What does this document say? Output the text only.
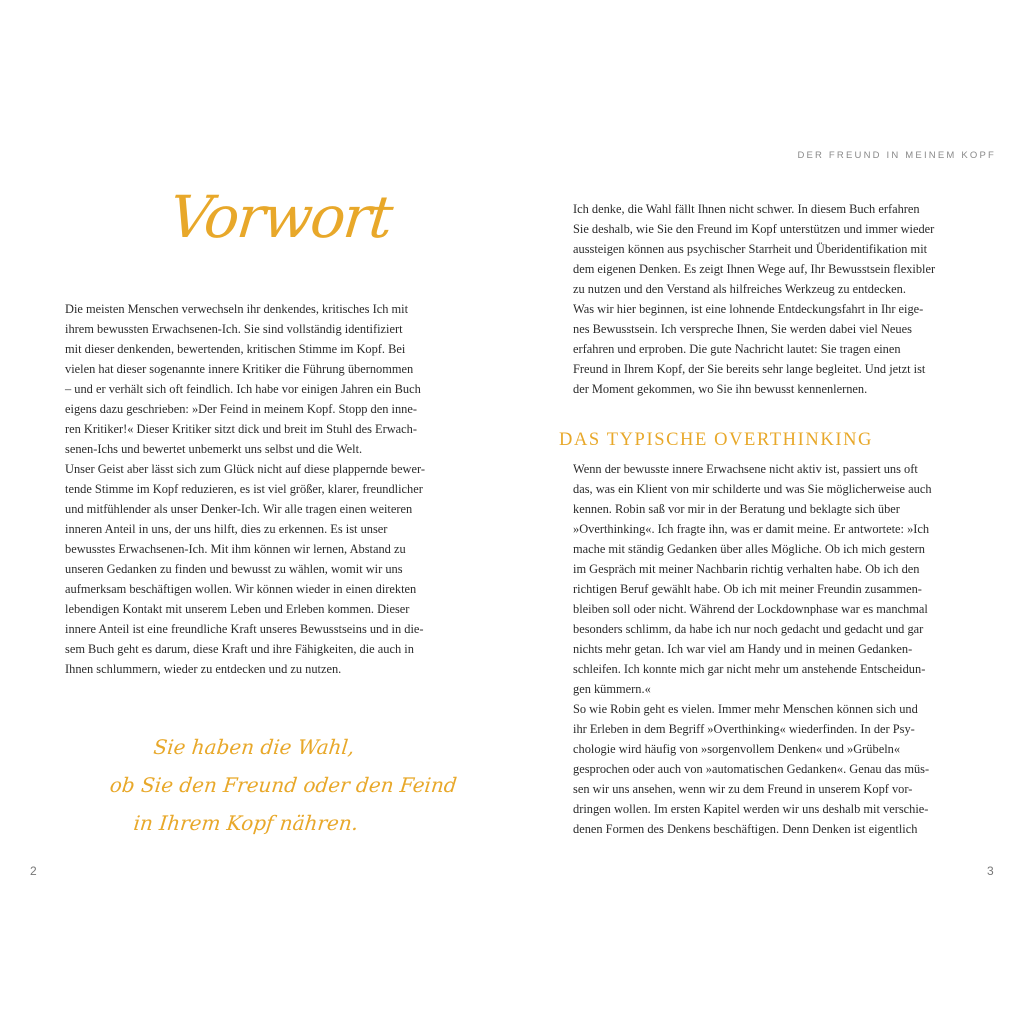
Vorwort
Die meisten Menschen verwechseln ihr denkendes, kritisches Ich mit
ihrem bewussten Erwachsenen-Ich. Sie sind vollständig identifiziert
mit dieser denkenden, bewertenden, kritischen Stimme im Kopf. Bei
vielen hat dieser sogenannte innere Kritiker die Führung übernommen
– und er verhält sich oft feindlich. Ich habe vor einigen Jahren ein Buch
eigens dazu geschrieben: »Der Feind in meinem Kopf. Stopp den inne-
ren Kritiker!« Dieser Kritiker sitzt dick und breit im Stuhl des Erwach-
senen-Ichs und bewertet unbemerkt uns selbst und die Welt.
Unser Geist aber lässt sich zum Glück nicht auf diese plappernde bewer-
tende Stimme im Kopf reduzieren, es ist viel größer, klarer, freundlicher
und mitfühlender als unser Denker-Ich. Wir alle tragen einen weiteren
inneren Anteil in uns, der uns hilft, dies zu erkennen. Es ist unser
bewusstes Erwachsenen-Ich. Mit ihm können wir lernen, Abstand zu
unseren Gedanken zu finden und bewusst zu wählen, womit wir uns
aufmerksam beschäftigen wollen. Wir können wieder in einen direkten
lebendigen Kontakt mit unserem Leben und Erleben kommen. Dieser
innere Anteil ist eine freundliche Kraft unseres Bewusstseins und in die-
sem Buch geht es darum, diese Kraft und ihre Fähigkeiten, die auch in
Ihnen schlummern, wieder zu entdecken und zu nutzen.
Sie haben die Wahl,
ob Sie den Freund oder den Feind
in Ihrem Kopf nähren.
2
DER FREUND IN MEINEM KOPF
Ich denke, die Wahl fällt Ihnen nicht schwer. In diesem Buch erfahren
Sie deshalb, wie Sie den Freund im Kopf unterstützen und immer wieder
aussteigen können aus psychischer Starrheit und Überidentifikation mit
dem eigenen Denken. Es zeigt Ihnen Wege auf, Ihr Bewusstsein flexibler
zu nutzen und den Verstand als hilfreiches Werkzeug zu entdecken.
Was wir hier beginnen, ist eine lohnende Entdeckungsfahrt in Ihr eige-
nes Bewusstsein. Ich verspreche Ihnen, Sie werden dabei viel Neues
erfahren und erproben. Die gute Nachricht lautet: Sie tragen einen
Freund in Ihrem Kopf, der Sie bereits sehr lange begleitet. Und jetzt ist
der Moment gekommen, wo Sie ihn bewusst kennenlernen.
DAS TYPISCHE OVERTHINKING
Wenn der bewusste innere Erwachsene nicht aktiv ist, passiert uns oft
das, was ein Klient von mir schilderte und was Sie möglicherweise auch
kennen. Robin saß vor mir in der Beratung und beklagte sich über
»Overthinking«. Ich fragte ihn, was er damit meine. Er antwortete: »Ich
mache mit ständig Gedanken über alles Mögliche. Ob ich mich gestern
im Gespräch mit meiner Nachbarin richtig verhalten habe. Ob ich den
richtigen Beruf gewählt habe. Ob ich mit meiner Freundin zusammen-
bleiben soll oder nicht. Während der Lockdownphase war es manchmal
besonders schlimm, da habe ich nur noch gedacht und gedacht und gar
nichts mehr getan. Ich war viel am Handy und in meinen Gedanken-
schleifen. Ich konnte mich gar nicht mehr um anstehende Entscheidun-
gen kümmern.«
So wie Robin geht es vielen. Immer mehr Menschen können sich und
ihr Erleben in dem Begriff »Overthinking« wiederfinden. In der Psy-
chologie wird häufig von »sorgenvollem Denken« und »Grübeln«
gesprochen oder auch von »automatischen Gedanken«. Genau das müs-
sen wir uns ansehen, wenn wir zu dem Freund in unserem Kopf vor-
dringen wollen. Im ersten Kapitel werden wir uns deshalb mit verschie-
denen Formen des Denkens beschäftigen. Denn Denken ist eigentlich
3
